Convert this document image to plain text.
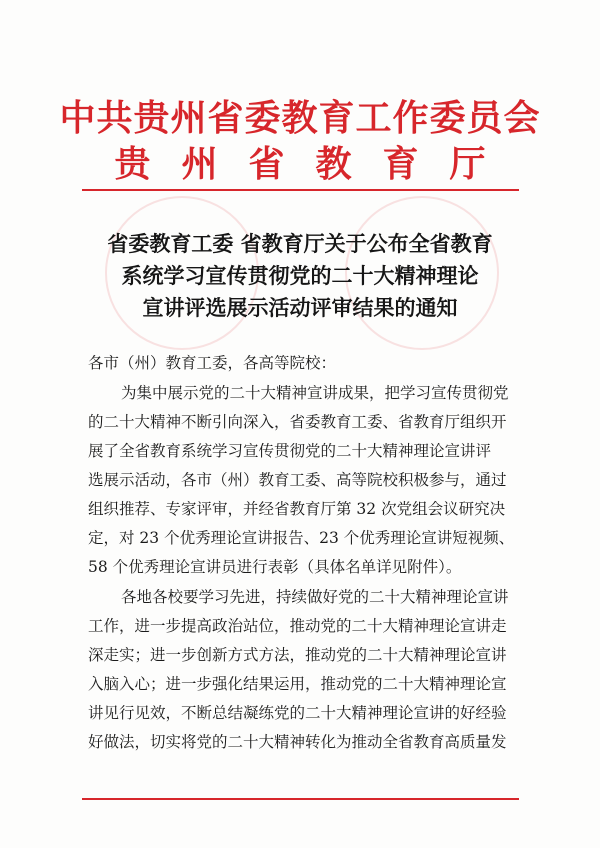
中共贵州省委教育工作委员会
贵州省教育厅
省委教育工委 省教育厅关于公布全省教育
系统学习宣传贯彻党的二十大精神理论
宣讲评选展示活动评审结果的通知
各市（州）教育工委，各高等院校：
为集中展示党的二十大精神宣讲成果，把学习宣传贯彻党
的二十大精神不断引向深入，省委教育工委、省教育厅组织开
展了全省教育系统学习宣传贯彻党的二十大精神理论宣讲评
选展示活动，各市（州）教育工委、高等院校积极参与，通过
组织推荐、专家评审，并经省教育厅第 32 次党组会议研究决
定，对 23 个优秀理论宣讲报告、23 个优秀理论宣讲短视频、
58 个优秀理论宣讲员进行表彰（具体名单详见附件）。
各地各校要学习先进，持续做好党的二十大精神理论宣讲
工作，进一步提高政治站位，推动党的二十大精神理论宣讲走
深走实；进一步创新方式方法，推动党的二十大精神理论宣讲
入脑入心；进一步强化结果运用，推动党的二十大精神理论宣
讲见行见效，不断总结凝练党的二十大精神理论宣讲的好经验
好做法，切实将党的二十大精神转化为推动全省教育高质量发
